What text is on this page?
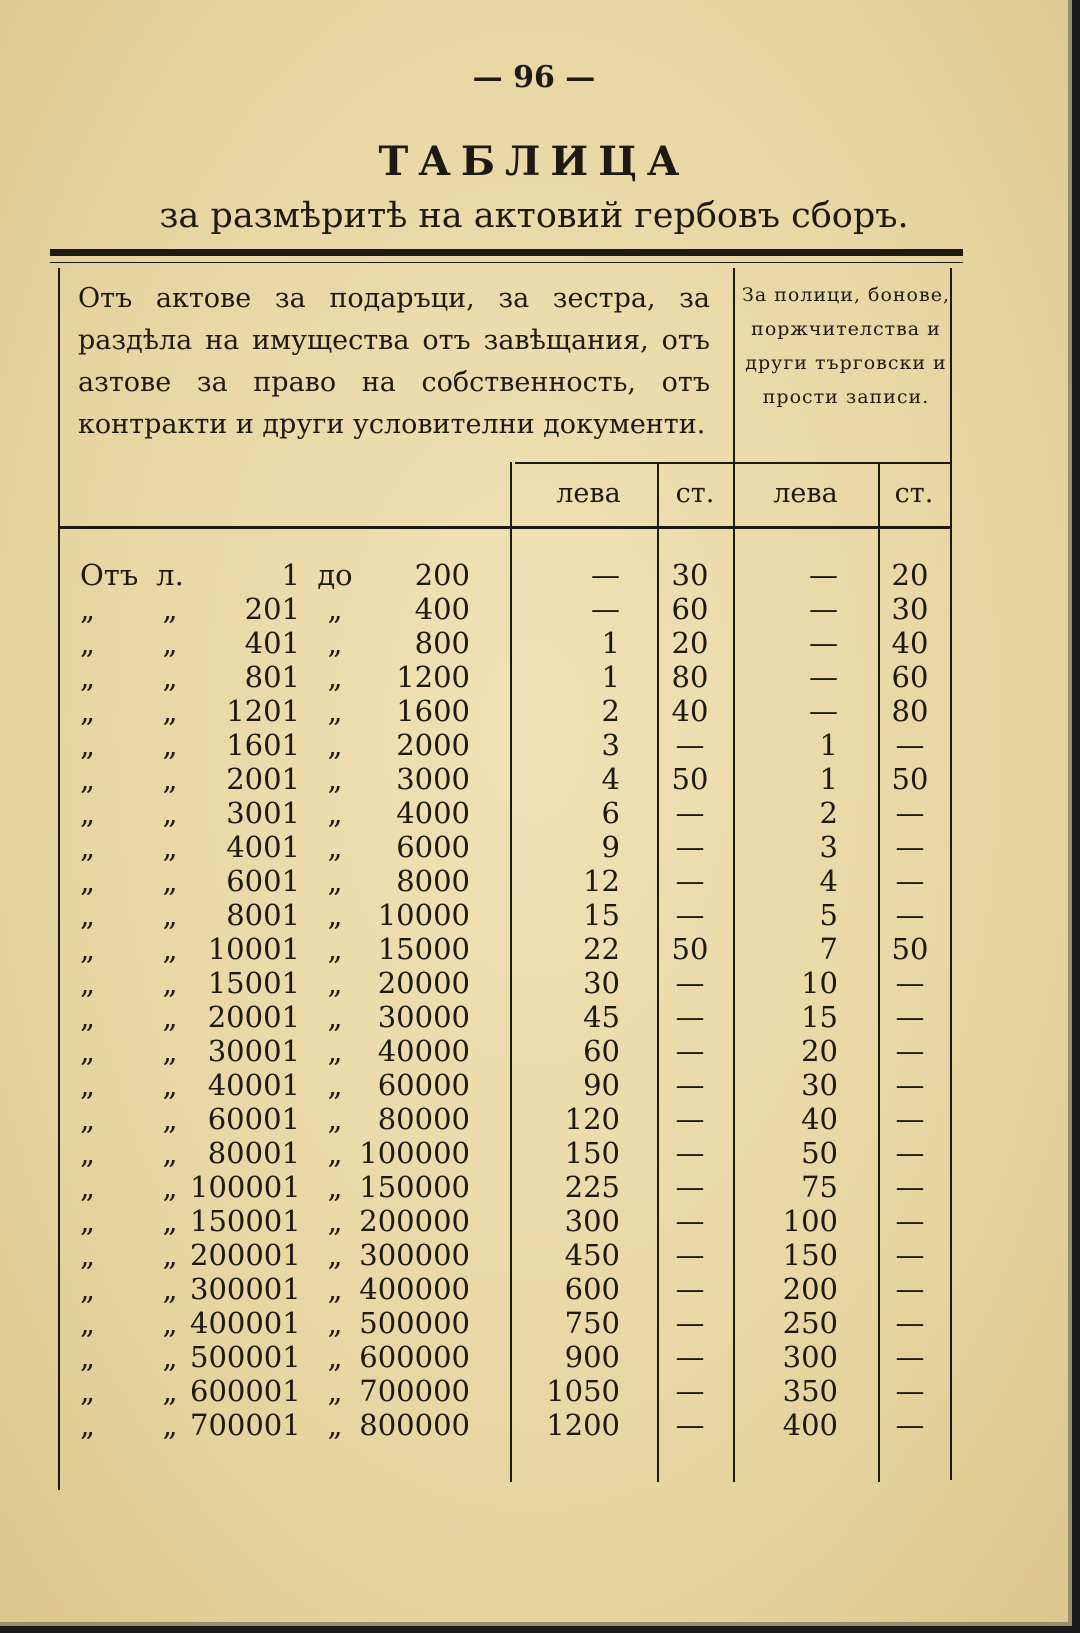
— 96 —
ТАБЛИЦА
за размѣритѣ на актовий гербовъ сборъ.
Отъ актове за подаръци, за зестра, за раздѣла на имущества отъ завѣщания, отъ азтове за право на собственность, отъ контракти и други условителни документи.
За полици, бонове, поржчителства и други търговски и прости записи.
лева	ст.	лева	ст.
Отъ л.	1 до	200	—	30	—	20
„	„	201 „	400	—	60	—	30
„	„	401 „	800	1	20	—	40
„	„	801 „	1200	1	80	—	60
„	„	1201 „	1600	2	40	—	80
„	„	1601 „	2000	3	—	1	—
„	„	2001 „	3000	4	50	1	50
„	„	3001 „	4000	6	—	2	—
„	„	4001 „	6000	9	—	3	—
„	„	6001 „	8000	12	—	4	—
„	„	8001 „	10000	15	—	5	—
„	„	10001 „	15000	22	50	7	50
„	„	15001 „	20000	30	—	10	—
„	„	20001 „	30000	45	—	15	—
„	„	30001 „	40000	60	—	20	—
„	„	40001 „	60000	90	—	30	—
„	„	60001 „	80000	120	—	40	—
„	„	80001 „ 100000	150	—	50	—
„	„ 100001 „ 150000	225	—	75	—
„	„ 150001 „ 200000	300	—	100	—
„	„ 200001 „ 300000	450	—	150	—
„	„ 300001 „ 400000	600	—	200	—
„	„ 400001 „ 500000	750	—	250	—
„	„ 500001 „ 600000	900	—	300	—
„	„ 600001 „ 700000	1050	—	350	—
„	„ 700001 „ 800000	1200	—	400	—
